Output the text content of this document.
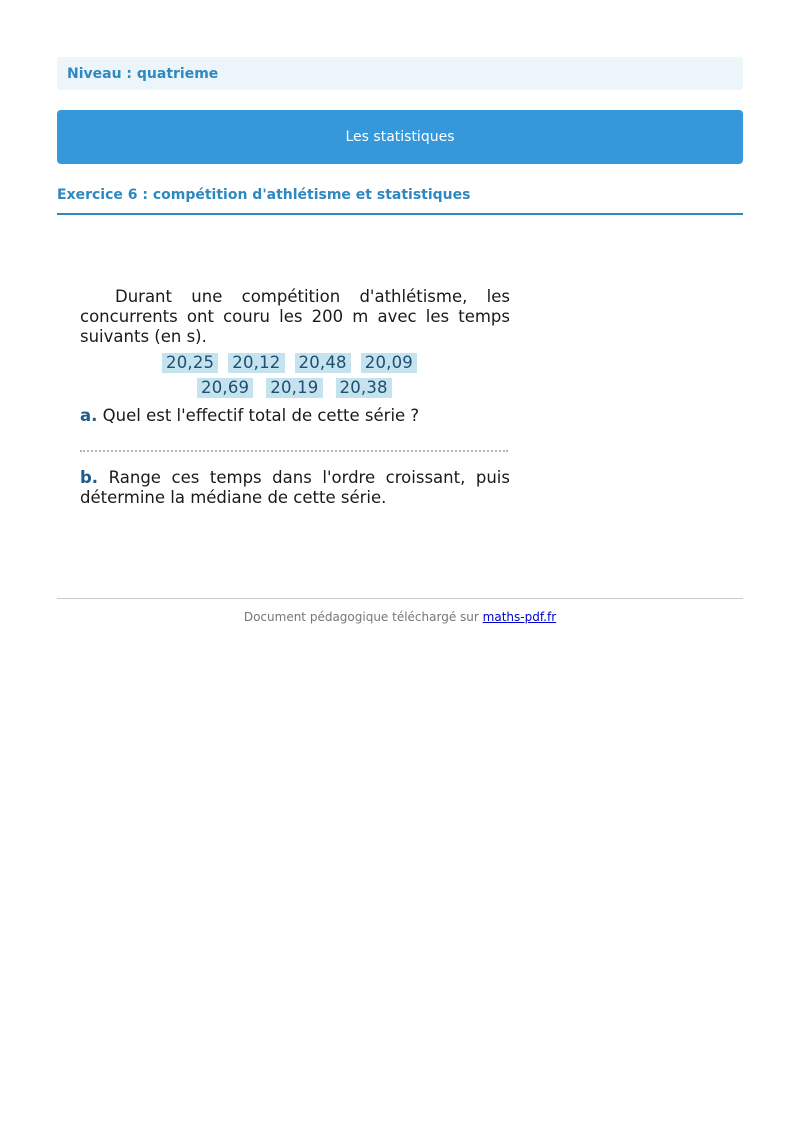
Niveau : quatrieme
Les statistiques
Exercice 6 : compétition d'athlétisme et statistiques

Durant une compétition d'athlétisme, les concurrents ont couru les 200 m avec les temps suivants (en s).

20,25 20,12 20,48 20,09
20,69 20,19 20,38

a. Quel est l'effectif total de cette série ?

b. Range ces temps dans l'ordre croissant, puis détermine la médiane de cette série.

Document pédagogique téléchargé sur maths-pdf.fr
